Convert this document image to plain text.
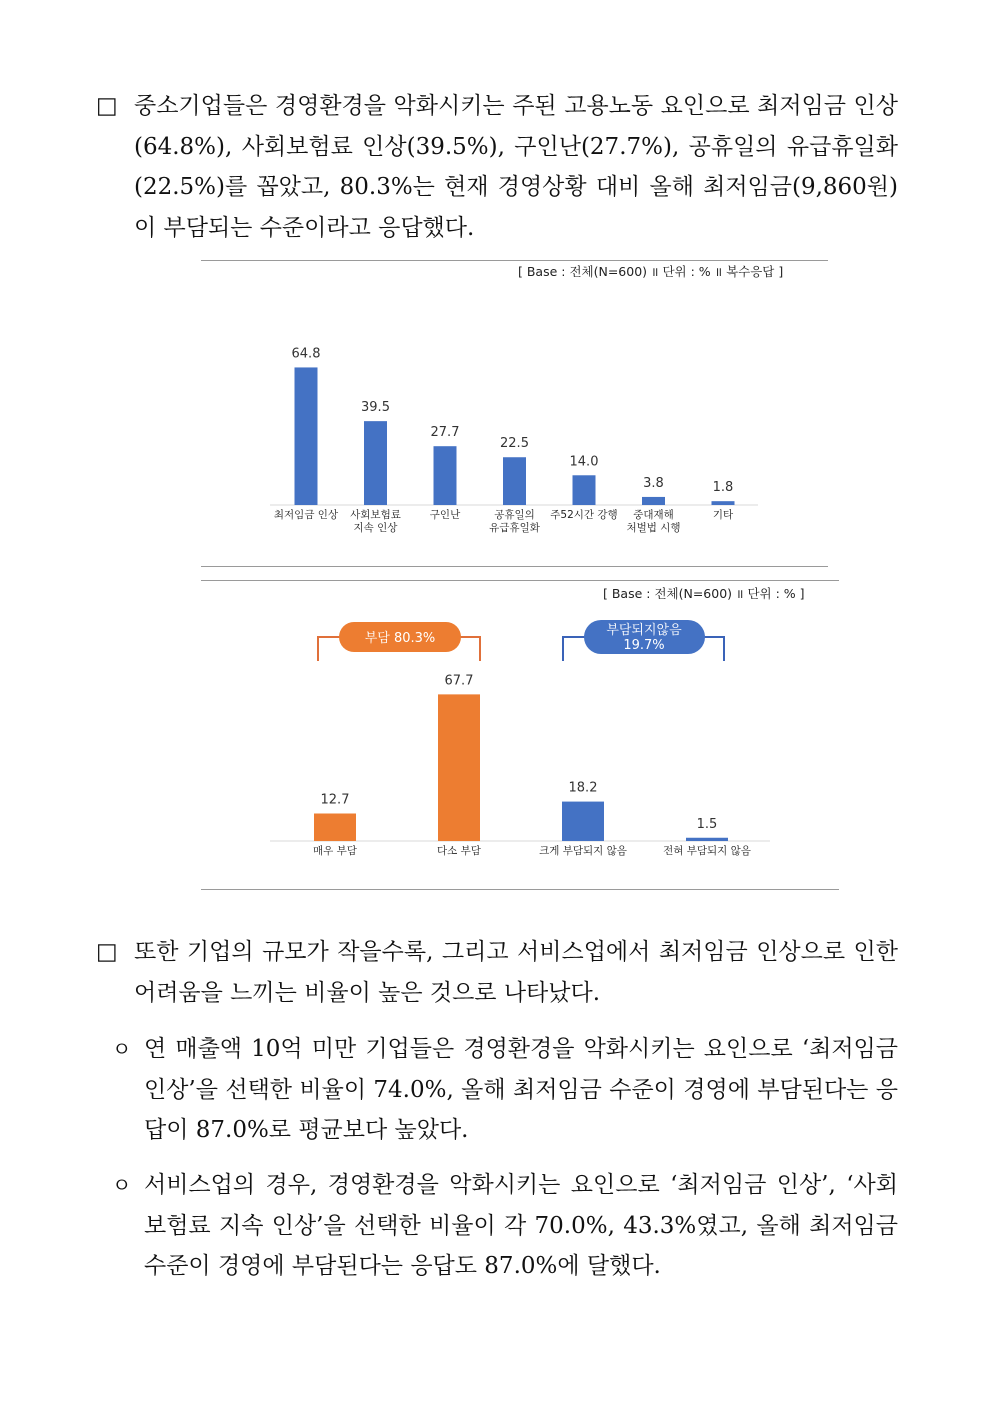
□ 중소기업들은 경영환경을 악화시키는 주된 고용노동 요인으로 최저임금 인상(64.8%), 사회보험료 인상(39.5%), 구인난(27.7%), 공휴일의 유급휴일화(22.5%)를 꼽았고, 80.3%는 현재 경영상황 대비 올해 최저임금(9,860원)이 부담되는 수준이라고 응답했다.
[ Base : 전체(N=600) ॥ 단위 : % ॥ 복수응답 ]
64.8
최저임금 인상
39.5
사회보험료
지속 인상
27.7
구인난
22.5
공휴일의
유급휴일화
14.0
주52시간 강행
3.8
중대재해
처벌법 시행
1.8
기타
[ Base : 전체(N=600) ॥ 단위 : % ]
부담 80.3%
부담되지않음
19.7%
12.7
매우 부담
67.7
다소 부담
18.2
크게 부담되지 않음
1.5
전혀 부담되지 않음
□ 또한 기업의 규모가 작을수록, 그리고 서비스업에서 최저임금 인상으로 인한 어려움을 느끼는 비율이 높은 것으로 나타났다.
ㅇ 연 매출액 10억 미만 기업들은 경영환경을 악화시키는 요인으로 ‘최저임금 인상’을 선택한 비율이 74.0%, 올해 최저임금 수준이 경영에 부담된다는 응답이 87.0%로 평균보다 높았다.
ㅇ 서비스업의 경우, 경영환경을 악화시키는 요인으로 ‘최저임금 인상’, ‘사회보험료 지속 인상’을 선택한 비율이 각 70.0%, 43.3%였고, 올해 최저임금 수준이 경영에 부담된다는 응답도 87.0%에 달했다.
